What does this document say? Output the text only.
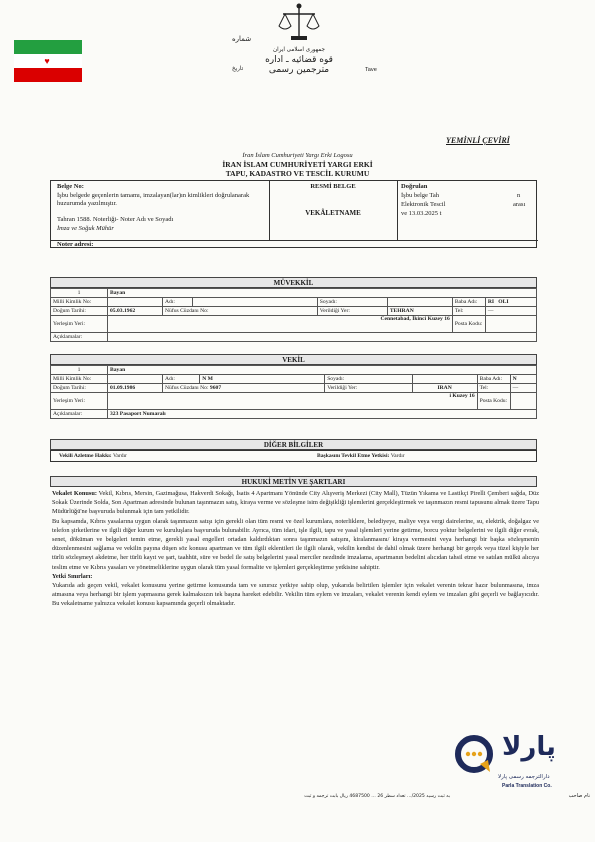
♥
جمهوری اسلامی ایران
قوه قضائیه ـ اداره مترجمین رسمی
شماره
تاریخ	Tave
YEMİNLİ ÇEVİRİ
İran İslam Cumhuriyeti Yargı Erki Logosu
İRAN İSLAM CUMHURİYETİ YARGI ERKİ
TAPU, KADASTRO VE TESCİL KURUMU
Belge No:
İşbu belgede geçenlerin tamamı, imzalayan(lar)ın kimlikleri doğrulanarak huzurumda yazılmıştır.
Tahran 1588. Noterliği- Noter Adı ve Soyadı
İmza ve Soğuk Mühür
RESMİ BELGE
VEKÂLETNAME
Doğrulan
İşbu belge Tah	n
Elektronik Tescil	arası
ve 13.03.2025 t
Noter adresi:
MÜVEKKİL
1	Bayan						
Milli Kimlik No:		Adı:		Soyadı:		Baba Adı:	RI OLI
Doğum Tarihi:	05.03.1962	Nüfus Cüzdanı No:		Verildiği Yer:	TEHRAN	Tel:	—
Yerleşim Yeri:	Cennetabad, İkinci Kuzey 16					Posta Kodu:	
Açıklamalar:							
VEKİL
1	Bayan						
Milli Kimlik No:		Adı:	N M	Soyadı:		Baba Adı:	N
Doğum Tarihi:	01.09.1986	Nüfus Cüzdanı No: 9607		Verildiği Yer:	IRAN	Tel:	—
Yerleşim Yeri:	i Kuzey 16					Posta Kodu:	
Açıklamalar:	323 Pasaport Numaralı						
DİĞER BİLGİLER
Vekili Azletme Hakkı: Vardır	Başkasını Tevkil Etme Yetkisi: Vardır
HUKUKİ METİN VE ŞARTLARI

Vekalet Konusu: Vekil, Kıbrıs, Mersin, Gazimağusa, Hakverdi Sokağı, İsatis 4 Apartmanı Yönünde City Alışveriş Merkezi (City Mall), Tüzün Yıkama ve Lastikçi Pirelli Çemberi sağda, Düz Sokak Üzerinde Solda, Son Apartman adresinde bulunan taşınmazın satış, kiraya verme ve sözleşme isim değişikliği işlemlerini gerçekleştirmek ve taşınmazın resmi tapusunu almak üzere Tapu Müdürlüğü'ne başvuruda bulunmak için tam yetkilidir.

Bu kapsamda, Kıbrıs yasalarına uygun olarak taşınmazın satışı için gerekli olan tüm resmi ve özel kurumlara, noterliklere, belediyeye, maliye veya vergi dairelerine, su, elektrik, doğalgaz ve telefon şirketlerine ve ilgili diğer kurum ve kuruluşlara başvuruda bulunabilir. Ayrıca, tüm idari, işle ilgili, tapu ve yasal işlemleri yerine getirme, borcu yoktur belgelerini ve ilgili diğer evrak, senet, döküman ve belgeleri temin etme, gerekli yasal engelleri ortadan kaldırdıktan sonra taşınmazın satışını, kiralanmasını/ kiraya vermesini veya herhangi bir başka sözleşmenin düzenlenmesini sağlama ve vekilin payına düşen söz konusu apartman ve tüm ilgili eklentileri ile ilgili olarak, vekilin kendisi de dahil olmak üzere herhangi bir gerçek veya tüzel kişiyle her türlü sözleşmeyi akdetme, her türlü kayıt ve şart, taahhüt, süre ve bedel ile satış belgelerini yasal merciler nezdinde imzalama, apartmanın bedelini alıcıdan tahsil etme ve satılan mülkü alıcıya teslim etme ve Kıbrıs yasaları ve yönetmeliklerine uygun olarak tüm yasal formalite ve işlemleri gerçekleştirme yetkisine sahiptir.

Yetki Sınırları:

Yukarıda adı geçen vekil, vekalet konusunu yerine getirme konusunda tam ve sınırsız yetkiye sahip olup, yukarıda belirtilen işlemler için vekalet verenin tekrar hazır bulunmasına, imza atmasına veya herhangi bir işlem yapmasına gerek kalmaksızın tek başına hareket edebilir. Vekilin tüm eylem ve imzaları, vekalet verenin kendi eylem ve imzaları gibi geçerli ve bağlayıcıdır. Bu vekaletname yalnızca vekalet konusu kapsamında geçerli olmaktadır.

نام صاحب
به ثبت رسید 2025/… تعداد سطر 26 … 4687500 ریال بابت ترجمه و ثبت
پارلا
دارالترجمه رسمی پارلا
Parla Translation Co.
